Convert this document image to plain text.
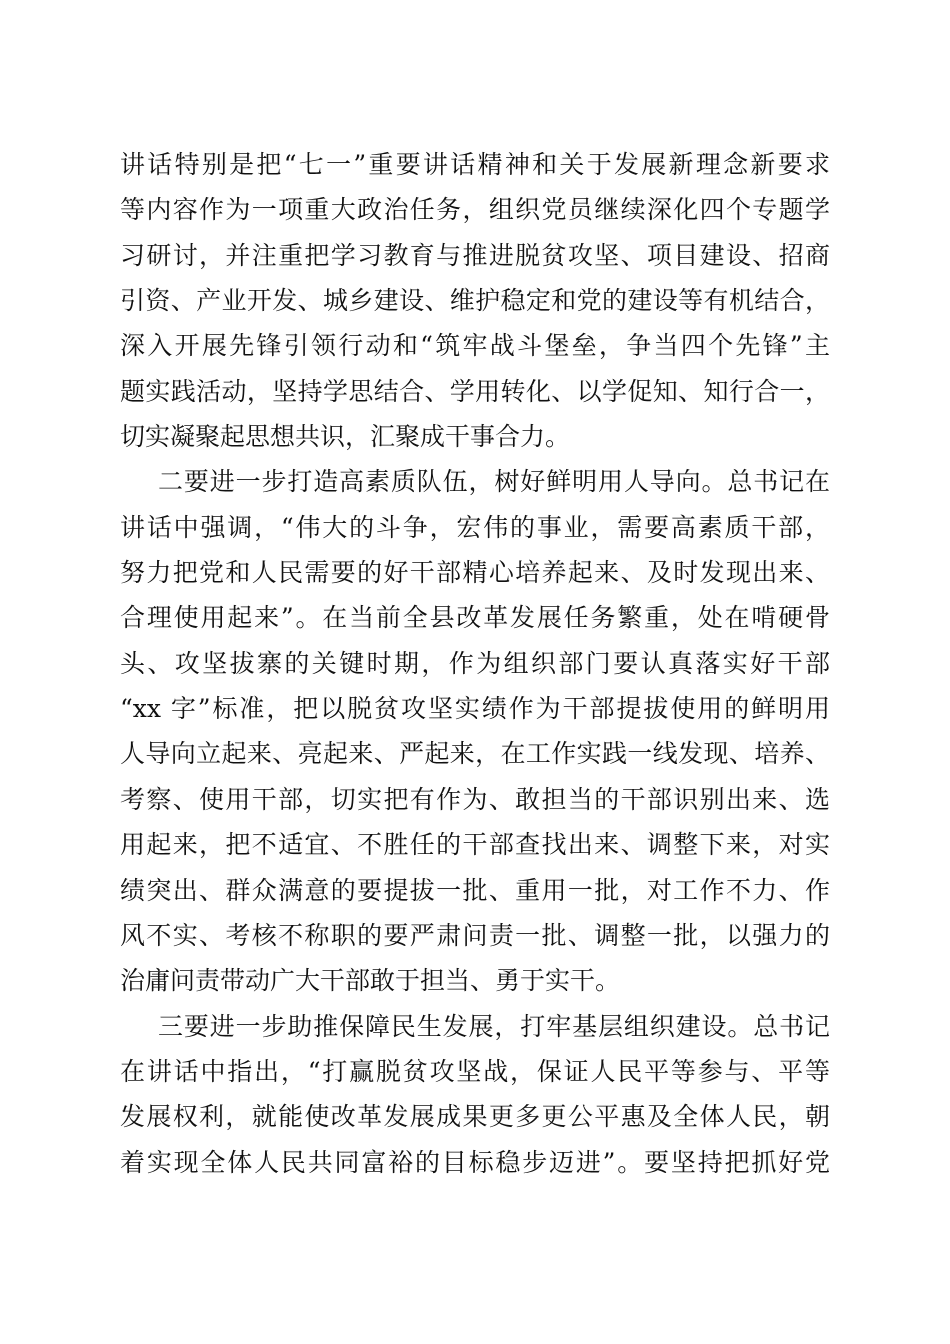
讲话特别是把“七一”重要讲话精神和关于发展新理念新要求
等内容作为一项重大政治任务，组织党员继续深化四个专题学
习研讨，并注重把学习教育与推进脱贫攻坚、项目建设、招商
引资、产业开发、城乡建设、维护稳定和党的建设等有机结合，
深入开展先锋引领行动和“筑牢战斗堡垒，争当四个先锋”主
题实践活动，坚持学思结合、学用转化、以学促知、知行合一，
切实凝聚起思想共识，汇聚成干事合力。
二要进一步打造高素质队伍，树好鲜明用人导向。总书记在
讲话中强调，“伟大的斗争，宏伟的事业，需要高素质干部，
努力把党和人民需要的好干部精心培养起来、及时发现出来、
合理使用起来”。在当前全县改革发展任务繁重，处在啃硬骨
头、攻坚拔寨的关键时期，作为组织部门要认真落实好干部
“xx 字”标准，把以脱贫攻坚实绩作为干部提拔使用的鲜明用
人导向立起来、亮起来、严起来，在工作实践一线发现、培养、
考察、使用干部，切实把有作为、敢担当的干部识别出来、选
用起来，把不适宜、不胜任的干部查找出来、调整下来，对实
绩突出、群众满意的要提拔一批、重用一批，对工作不力、作
风不实、考核不称职的要严肃问责一批、调整一批，以强力的
治庸问责带动广大干部敢于担当、勇于实干。
三要进一步助推保障民生发展，打牢基层组织建设。总书记
在讲话中指出，“打赢脱贫攻坚战，保证人民平等参与、平等
发展权利，就能使改革发展成果更多更公平惠及全体人民，朝
着实现全体人民共同富裕的目标稳步迈进”。要坚持把抓好党
